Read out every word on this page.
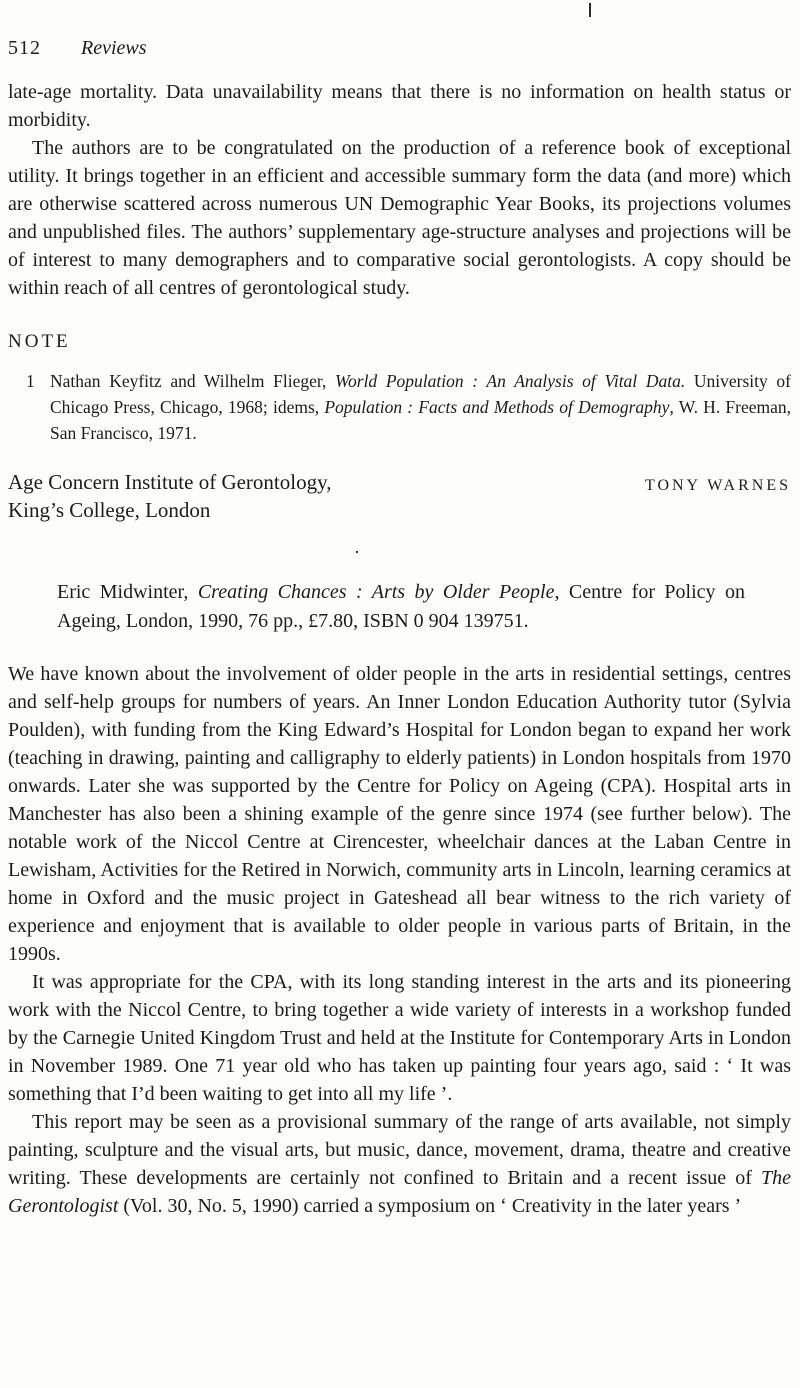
512 Reviews

late-age mortality. Data unavailability means that there is no information on health status or morbidity.

The authors are to be congratulated on the production of a reference book of exceptional utility. It brings together in an efficient and accessible summary form the data (and more) which are otherwise scattered across numerous UN Demographic Year Books, its projections volumes and unpublished files. The authors’ supplementary age-structure analyses and projections will be of interest to many demographers and to comparative social gerontologists. A copy should be within reach of all centres of gerontological study.

NOTE

1 Nathan Keyfitz and Wilhelm Flieger, World Population : An Analysis of Vital Data. University of Chicago Press, Chicago, 1968; idems, Population : Facts and Methods of Demography, W. H. Freeman, San Francisco, 1971.

Age Concern Institute of Gerontology,
King’s College, London
TONY WARNES
.
Eric Midwinter, Creating Chances : Arts by Older People, Centre for Policy on Ageing, London, 1990, 76 pp., £7.80, ISBN 0 904 139751.

We have known about the involvement of older people in the arts in residential settings, centres and self-help groups for numbers of years. An Inner London Education Authority tutor (Sylvia Poulden), with funding from the King Edward’s Hospital for London began to expand her work (teaching in drawing, painting and calligraphy to elderly patients) in London hospitals from 1970 onwards. Later she was supported by the Centre for Policy on Ageing (CPA). Hospital arts in Manchester has also been a shining example of the genre since 1974 (see further below). The notable work of the Niccol Centre at Cirencester, wheelchair dances at the Laban Centre in Lewisham, Activities for the Retired in Norwich, community arts in Lincoln, learning ceramics at home in Oxford and the music project in Gateshead all bear witness to the rich variety of experience and enjoyment that is available to older people in various parts of Britain, in the 1990s.

It was appropriate for the CPA, with its long standing interest in the arts and its pioneering work with the Niccol Centre, to bring together a wide variety of interests in a workshop funded by the Carnegie United Kingdom Trust and held at the Institute for Contemporary Arts in London in November 1989. One 71 year old who has taken up painting four years ago, said : ‘ It was something that I’d been waiting to get into all my life ’.

This report may be seen as a provisional summary of the range of arts available, not simply painting, sculpture and the visual arts, but music, dance, movement, drama, theatre and creative writing. These developments are certainly not confined to Britain and a recent issue of The Gerontologist (Vol. 30, No. 5, 1990) carried a symposium on ‘ Creativity in the later years ’
